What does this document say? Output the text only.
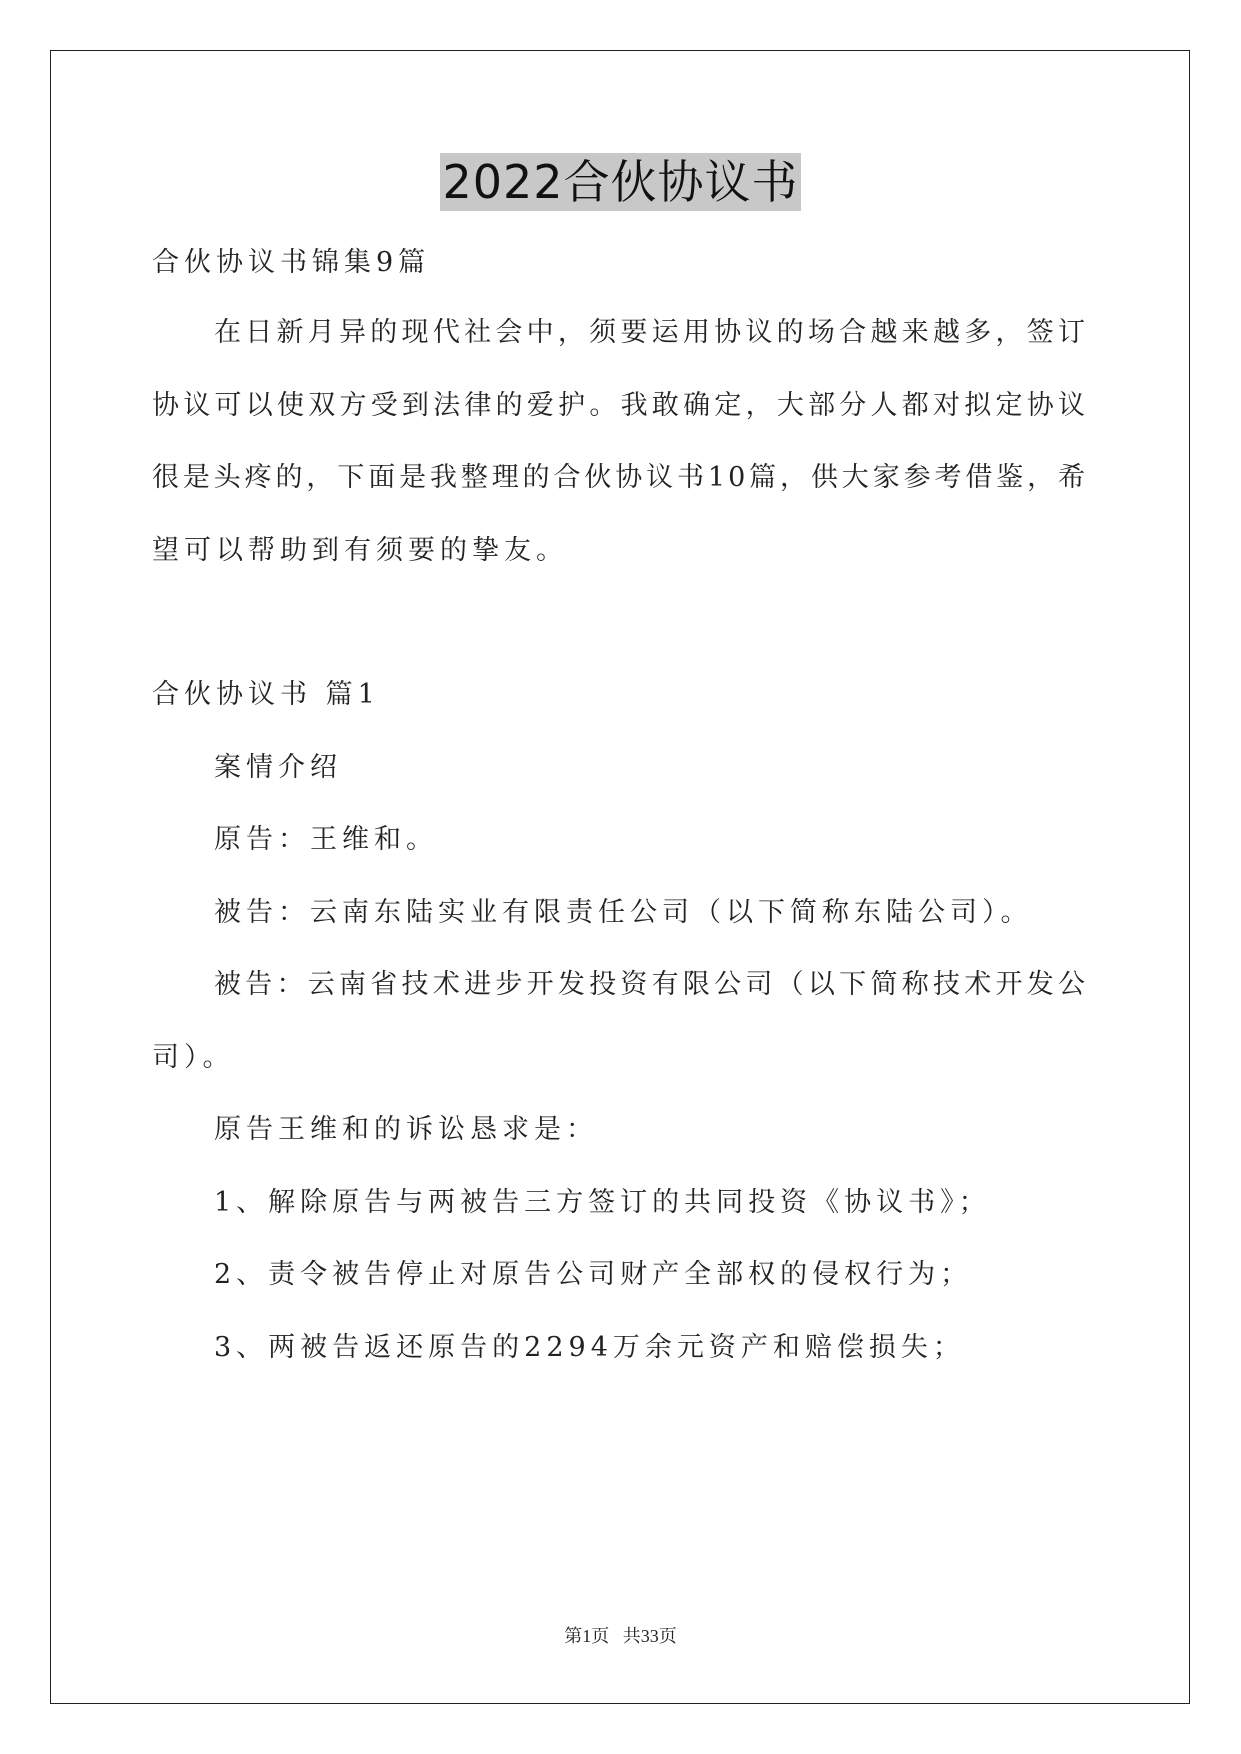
2022合伙协议书
合伙协议书锦集9篇
在日新月异的现代社会中，须要运用协议的场合越来越多，签订
协议可以使双方受到法律的爱护。我敢确定，大部分人都对拟定协议
很是头疼的，下面是我整理的合伙协议书10篇，供大家参考借鉴，希
望可以帮助到有须要的挚友。
合伙协议书 篇1
案情介绍
原告：王维和。
被告：云南东陆实业有限责任公司（以下简称东陆公司）。
被告：云南省技术进步开发投资有限公司（以下简称技术开发公
司）。
原告王维和的诉讼恳求是：
1、解除原告与两被告三方签订的共同投资《协议书》；
2、责令被告停止对原告公司财产全部权的侵权行为；
3、两被告返还原告的2294万余元资产和赔偿损失；
第1页   共33页
